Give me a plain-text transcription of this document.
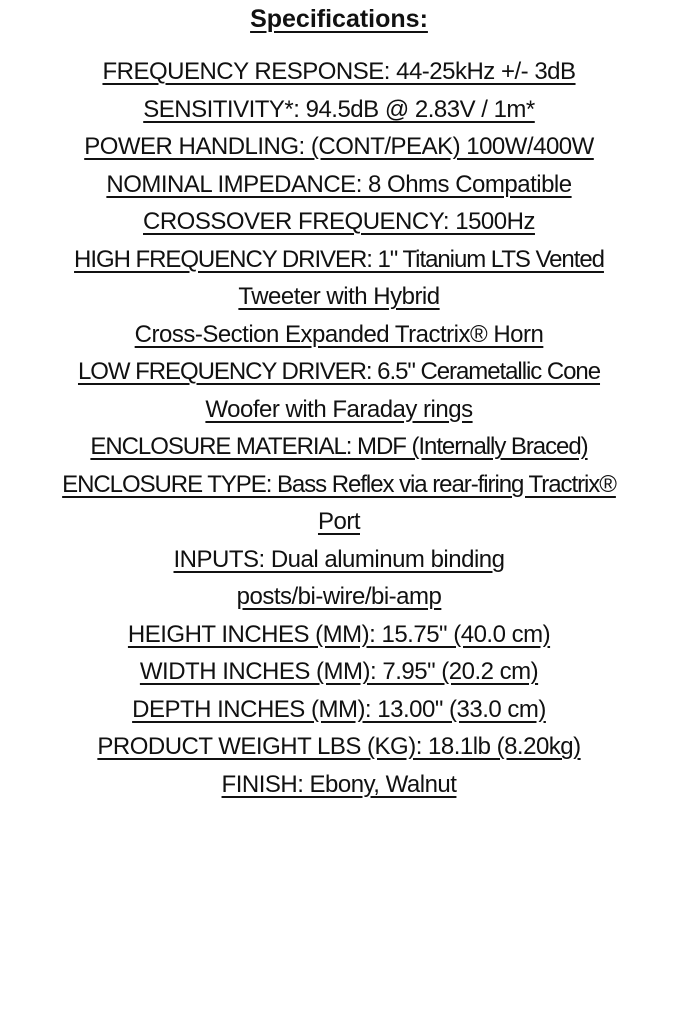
Specifications:
FREQUENCY RESPONSE: 44-25kHz +/- 3dB
SENSITIVITY*: 94.5dB @ 2.83V / 1m*
POWER HANDLING: (CONT/PEAK) 100W/400W
NOMINAL IMPEDANCE: 8 Ohms Compatible
CROSSOVER FREQUENCY: 1500Hz
HIGH FREQUENCY DRIVER: 1" Titanium LTS Vented
Tweeter with Hybrid
Cross-Section Expanded Tractrix® Horn
LOW FREQUENCY DRIVER: 6.5" Cerametallic Cone
Woofer with Faraday rings
ENCLOSURE MATERIAL: MDF (Internally Braced)
ENCLOSURE TYPE: Bass Reflex via rear-firing Tractrix®
Port
INPUTS: Dual aluminum binding
posts/bi-wire/bi-amp
HEIGHT INCHES (MM): 15.75" (40.0 cm)
WIDTH INCHES (MM): 7.95" (20.2 cm)
DEPTH INCHES (MM): 13.00" (33.0 cm)
PRODUCT WEIGHT LBS (KG): 18.1lb (8.20kg)
FINISH: Ebony, Walnut
